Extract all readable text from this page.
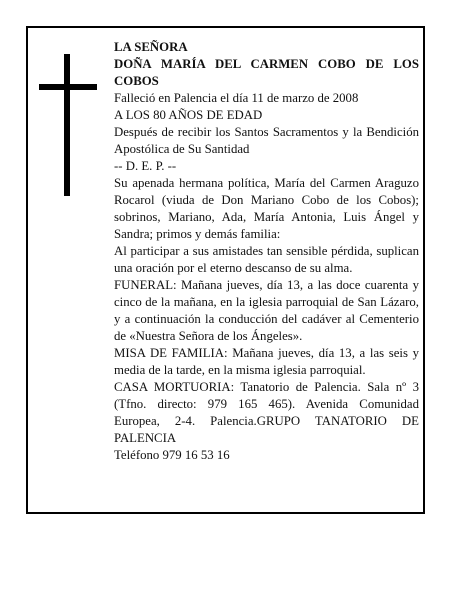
LA SEÑORA
DOÑA MARÍA DEL CARMEN COBO DE LOS COBOS
Falleció en Palencia el día 11 de marzo de 2008
A LOS 80 AÑOS DE EDAD
Después de recibir los Santos Sacramentos y la Bendición Apostólica de Su Santidad
-- D. E. P. --
Su apenada hermana política, María del Carmen Araguzo Rocarol (viuda de Don Mariano Cobo de los Cobos); sobrinos, Mariano, Ada, María Antonia, Luis Ángel y Sandra; primos y demás familia:
Al participar a sus amistades tan sensible pérdida, suplican una oración por el eterno descanso de su alma.
FUNERAL: Mañana jueves, día 13, a las doce cuarenta y cinco de la mañana, en la iglesia parroquial de San Lázaro, y a continuación la conducción del cadáver al Cementerio de «Nuestra Señora de los Ángeles».
MISA DE FAMILIA: Mañana jueves, día 13, a las seis y media de la tarde, en la misma iglesia parroquial.
CASA MORTUORIA: Tanatorio de Palencia. Sala nº 3 (Tfno. directo: 979 165 465). Avenida Comunidad Europea, 2-4. Palencia.GRUPO TANATORIO DE PALENCIA
Teléfono 979 16 53 16
